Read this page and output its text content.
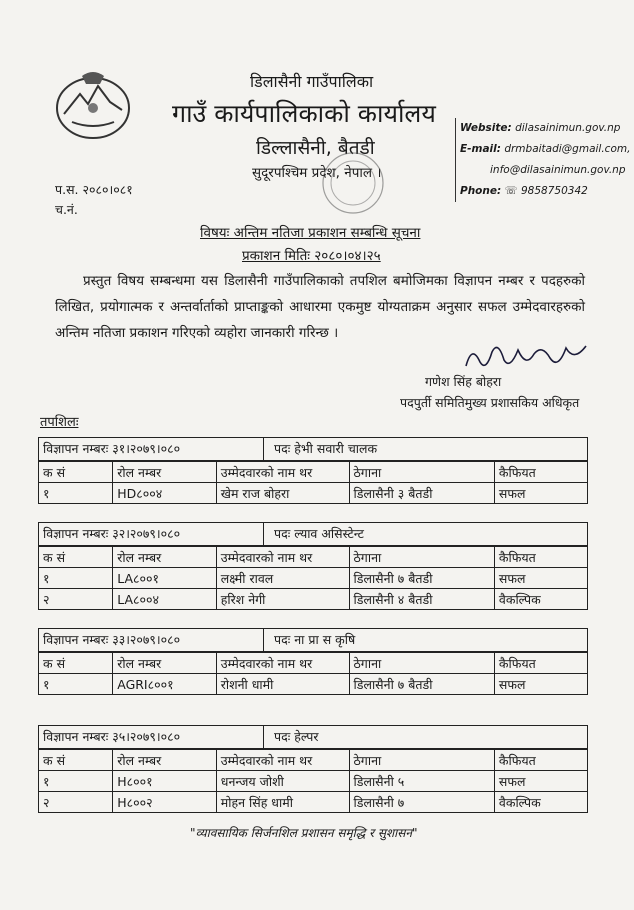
डिलासैनी गाउँपालिका
गाउँ कार्यपालिकाको कार्यालय
डिल्लासैनी, बैतडी
सुदूरपश्चिम प्रदेश, नेपाल ।
Website: dilasainimun.gov.np
E-mail: drmbaitadi@gmail.com,
info@dilasainimun.gov.np
Phone: ☏ 9858750342
प.स. २०८०।०८१
च.नं.
विषयः अन्तिम नतिजा प्रकाशन सम्बन्धि सूचना
प्रकाशन मितिः २०८०।०४।२५
प्रस्तुत विषय सम्बन्धमा यस डिलासैनी गाउँपालिकाको तपशिल बमोजिमका विज्ञापन नम्बर र पदहरुको लिखित, प्रयोगात्मक र अन्तर्वार्ताको प्राप्ताङ्कको आधारमा एकमुष्ट योग्यताक्रम अनुसार सफल उम्मेदवारहरुको अन्तिम नतिजा प्रकाशन गरिएको व्यहोरा जानकारी गरिन्छ ।
गणेश सिंह बोहरा
पदपुर्ती समितिमुख्य प्रशासकिय अधिकृत
तपशिलः
विज्ञापन नम्बरः ३१।२०७९।०८०	पदः हेभी सवारी चालक
क सं	रोल नम्बर	उम्मेदवारको नाम थर	ठेगाना	कैफियत
१	HD८००४	खेम राज बोहरा	डिलासैनी ३ बैतडी	सफल
विज्ञापन नम्बरः ३२।२०७९।०८०	पदः ल्याव असिस्टेन्ट
क सं	रोल नम्बर	उम्मेदवारको नाम थर	ठेगाना	कैफियत
१	LA८००१	लक्ष्मी रावल	डिलासैनी ७ बैतडी	सफल
२	LA८००४	हरिश नेगी	डिलासैनी ४ बैतडी	वैकल्पिक
विज्ञापन नम्बरः ३३।२०७९।०८०	पदः ना प्रा स कृषि
क सं	रोल नम्बर	उम्मेदवारको नाम थर	ठेगाना	कैफियत
१	AGRI८००१	रोशनी धामी	डिलासैनी ७ बैतडी	सफल
विज्ञापन नम्बरः ३५।२०७९।०८०	पदः हेल्पर
क सं	रोल नम्बर	उम्मेदवारको नाम थर	ठेगाना	कैफियत
१	H८००१	धनन्जय जोशी	डिलासैनी ५	सफल
२	H८००२	मोहन सिंह धामी	डिलासैनी ७	वैकल्पिक
"व्यावसायिक सिर्जनशिल प्रशासन समृद्धि र सुशासन"
